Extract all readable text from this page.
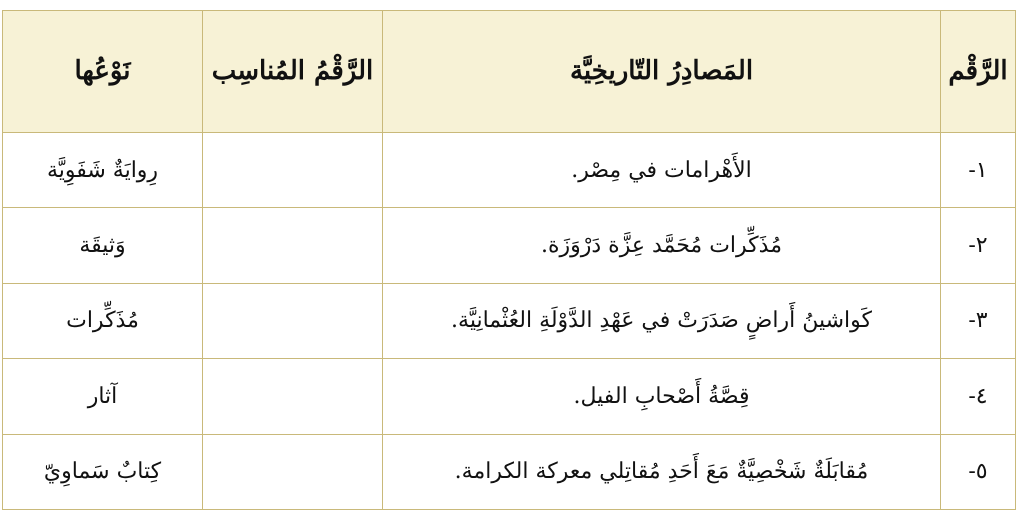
الرَّقْم	المَصادِرُ التّاريخِيَّة	الرَّقْمُ المُناسِب	نَوْعُها
١-	الأَهْرامات في مِصْر.		رِوايَةٌ شَفَوِيَّة
٢-	مُذَكِّرات مُحَمَّد عِزَّة دَرْوَزَة.		وَثيقَة
٣-	كَواشينُ أَراضٍ صَدَرَتْ في عَهْدِ الدَّوْلَةِ العُثْمانِيَّة.		مُذَكِّرات
٤-	قِصَّةُ أَصْحابِ الفيل.		آثار
٥-	مُقابَلَةٌ شَخْصِيَّةٌ مَعَ أَحَدِ مُقاتِلي معركة الكرامة.		كِتابٌ سَماوِيّ
